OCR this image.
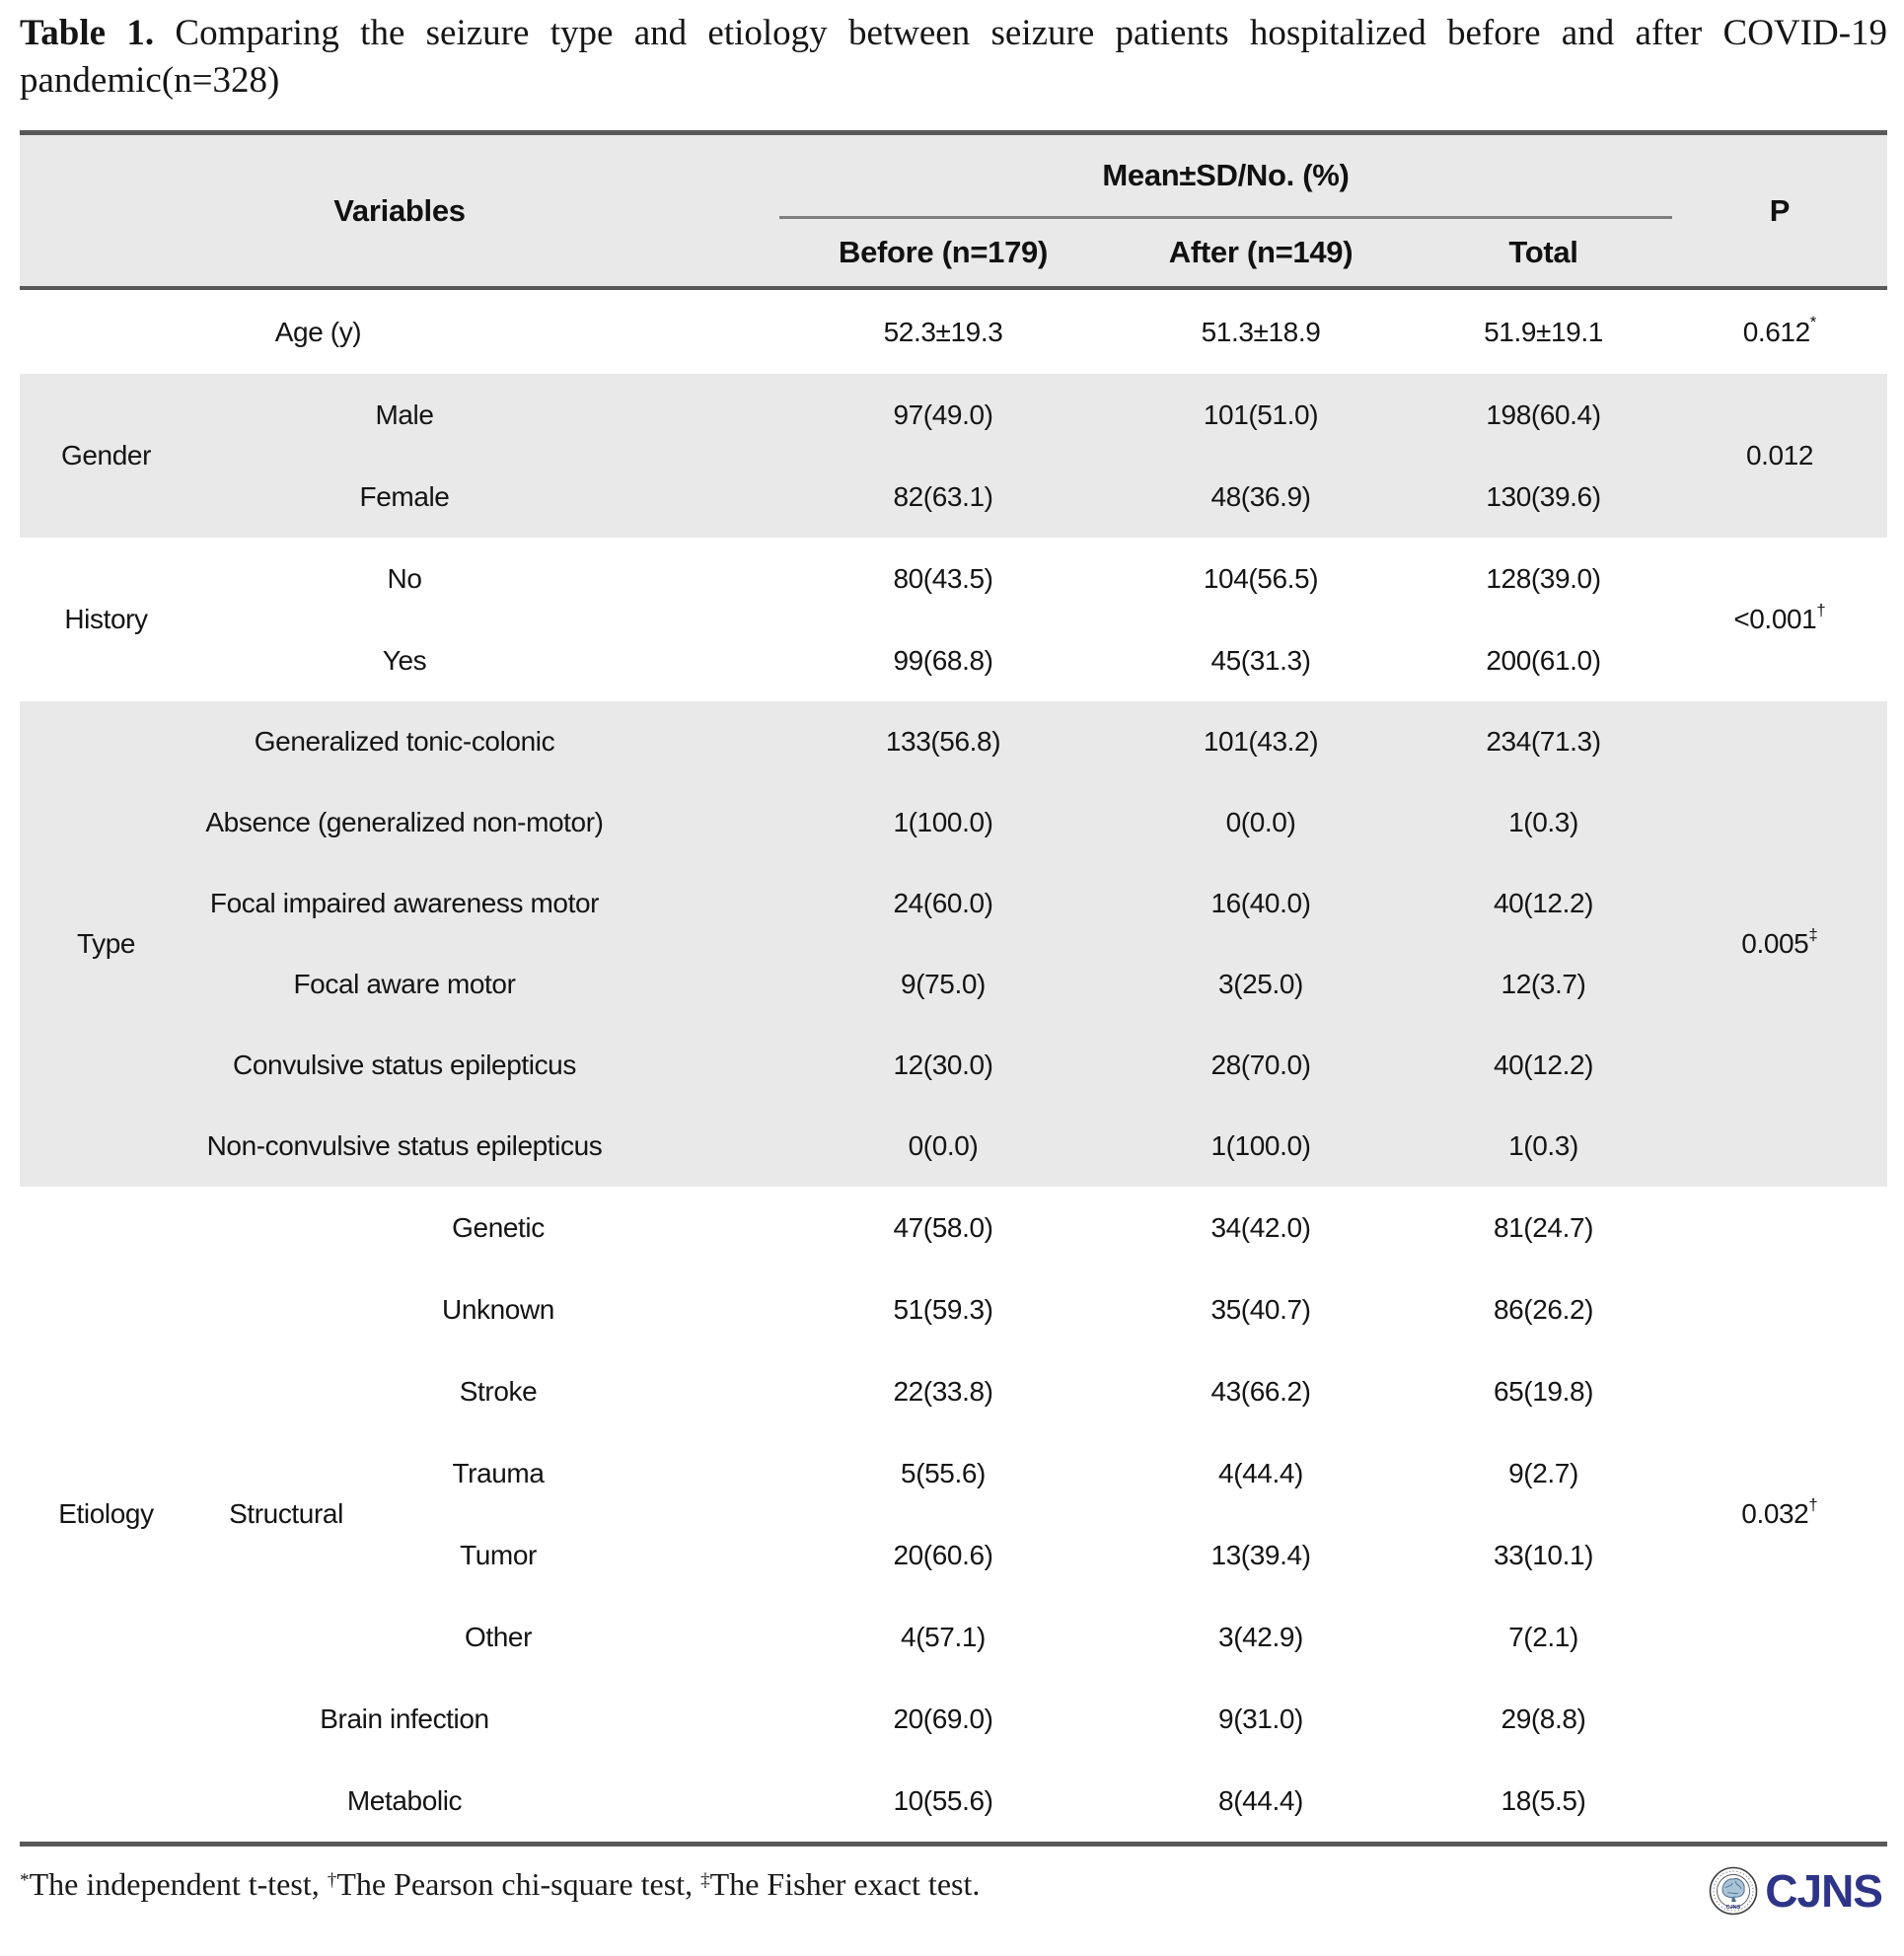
Table 1. Comparing the seizure type and etiology between seizure patients hospitalized before and after COVID-19
pandemic(n=328)
Variables
Mean±SD/No. (%)
Before (n=179)	After (n=149)	Total
P
Age (y)	52.3±19.3	51.3±18.9	51.9±19.1	0.612*
Gender
Male	97(49.0)	101(51.0)	198(60.4)
Female	82(63.1)	48(36.9)	130(39.6)
0.012
History
No	80(43.5)	104(56.5)	128(39.0)
Yes	99(68.8)	45(31.3)	200(61.0)
<0.001†
Type
Generalized tonic-colonic	133(56.8)	101(43.2)	234(71.3)
Absence (generalized non-motor)	1(100.0)	0(0.0)	1(0.3)
Focal impaired awareness motor	24(60.0)	16(40.0)	40(12.2)
Focal aware motor	9(75.0)	3(25.0)	12(3.7)
Convulsive status epilepticus	12(30.0)	28(70.0)	40(12.2)
Non-convulsive status epilepticus	0(0.0)	1(100.0)	1(0.3)
0.005‡
Etiology	Structural
Genetic	47(58.0)	34(42.0)	81(24.7)
Unknown	51(59.3)	35(40.7)	86(26.2)
Stroke	22(33.8)	43(66.2)	65(19.8)
Trauma	5(55.6)	4(44.4)	9(2.7)
Tumor	20(60.6)	13(39.4)	33(10.1)
Other	4(57.1)	3(42.9)	7(2.1)
Brain infection	20(69.0)	9(31.0)	29(8.8)
Metabolic	10(55.6)	8(44.4)	18(5.5)
0.032†
*The independent t-test, †The Pearson chi-square test, ‡The Fisher exact test.
CJNS CJNS
